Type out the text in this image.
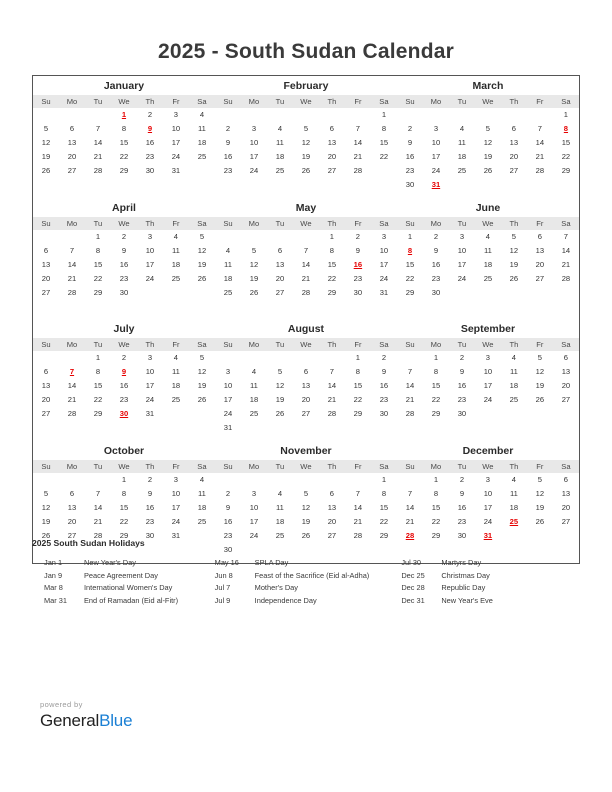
2025 - South Sudan Calendar
January
Su	Mo	Tu	We	Th	Fr	Sa
			1	2	3	4
5	6	7	8	9	10	11
12	13	14	15	16	17	18
19	20	21	22	23	24	25
26	27	28	29	30	31	

February
Su	Mo	Tu	We	Th	Fr	Sa
						1
2	3	4	5	6	7	8
9	10	11	12	13	14	15
16	17	18	19	20	21	22
23	24	25	26	27	28	

March
Su	Mo	Tu	We	Th	Fr	Sa
						1
2	3	4	5	6	7	8
9	10	11	12	13	14	15
16	17	18	19	20	21	22
23	24	25	26	27	28	29
30	31					
April
Su	Mo	Tu	We	Th	Fr	Sa
		1	2	3	4	5
6	7	8	9	10	11	12
13	14	15	16	17	18	19
20	21	22	23	24	25	26
27	28	29	30			

May
Su	Mo	Tu	We	Th	Fr	Sa
				1	2	3
4	5	6	7	8	9	10
11	12	13	14	15	16	17
18	19	20	21	22	23	24
25	26	27	28	29	30	31

June
Su	Mo	Tu	We	Th	Fr	Sa
1	2	3	4	5	6	7
8	9	10	11	12	13	14
15	16	17	18	19	20	21
22	23	24	25	26	27	28
29	30					

July
Su	Mo	Tu	We	Th	Fr	Sa
		1	2	3	4	5
6	7	8	9	10	11	12
13	14	15	16	17	18	19
20	21	22	23	24	25	26
27	28	29	30	31		

August
Su	Mo	Tu	We	Th	Fr	Sa
					1	2
3	4	5	6	7	8	9
10	11	12	13	14	15	16
17	18	19	20	21	22	23
24	25	26	27	28	29	30
31						
September
Su	Mo	Tu	We	Th	Fr	Sa
	1	2	3	4	5	6
7	8	9	10	11	12	13
14	15	16	17	18	19	20
21	22	23	24	25	26	27
28	29	30				

October
Su	Mo	Tu	We	Th	Fr	Sa
			1	2	3	4
5	6	7	8	9	10	11
12	13	14	15	16	17	18
19	20	21	22	23	24	25
26	27	28	29	30	31	

November
Su	Mo	Tu	We	Th	Fr	Sa
						1
2	3	4	5	6	7	8
9	10	11	12	13	14	15
16	17	18	19	20	21	22
23	24	25	26	27	28	29
30						
December
Su	Mo	Tu	We	Th	Fr	Sa
	1	2	3	4	5	6
7	8	9	10	11	12	13
14	15	16	17	18	19	20
21	22	23	24	25	26	27
28	29	30	31			

2025 South Sudan Holidays
Jan 1	New Year's Day
Jan 9	Peace Agreement Day
Mar 8	International Women's Day
Mar 31	End of Ramadan (Eid al-Fitr)
May 16	SPLA Day
Jun 8	Feast of the Sacrifice (Eid al-Adha)
Jul 7	Mother's Day
Jul 9	Independence Day
Jul 30	Martyrs Day
Dec 25	Christmas Day
Dec 28	Republic Day
Dec 31	New Year's Eve
powered by
GeneralBlue
